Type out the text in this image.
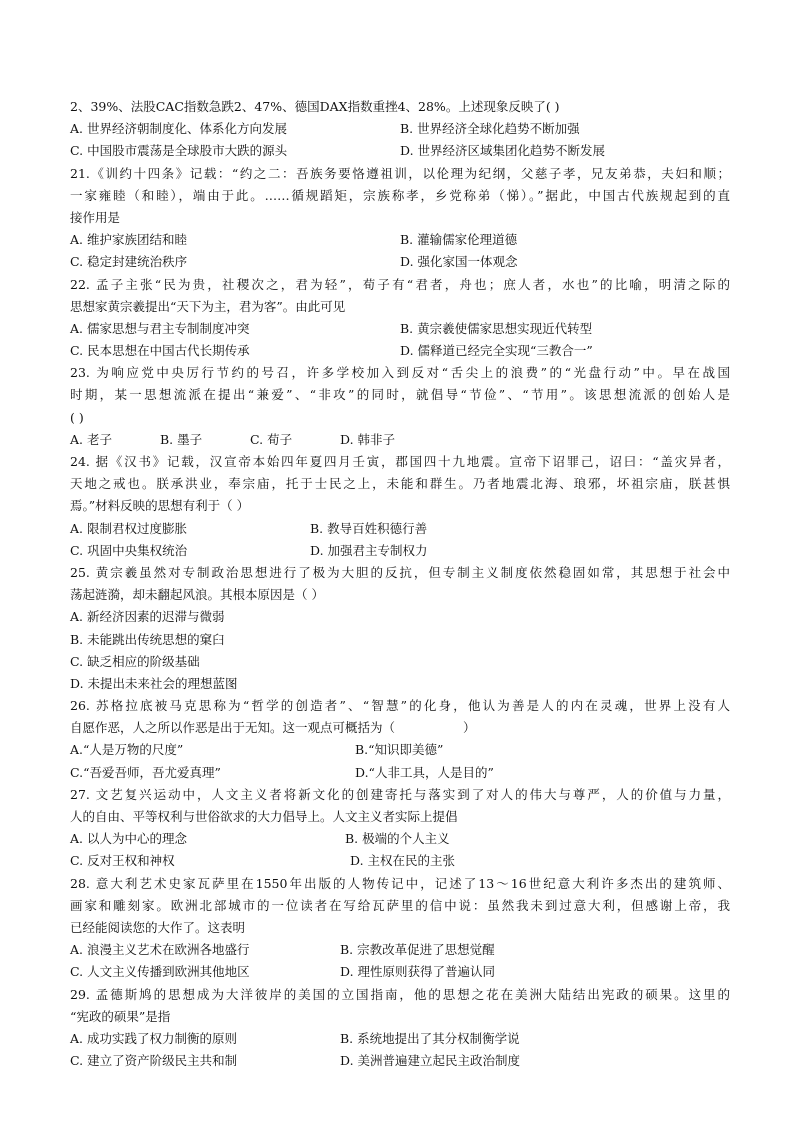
2、39%、法股CAC指数急跌2、47%、德国DAX指数重挫4、28%。上述现象反映了( )
A. 世界经济朝制度化、体系化方向发展	B. 世界经济全球化趋势不断加强
C. 中国股市震荡是全球股市大跌的源头	D. 世界经济区域集团化趋势不断发展
21.《训约十四条》记载：“约之二：吾族务要恪遵祖训，以伦理为纪纲，父慈子孝，兄友弟恭，夫妇和顺；
一家雍睦（和睦），端由于此。……循规蹈矩，宗族称孝，乡党称弟（悌）。”据此，中国古代族规起到的直
接作用是
A. 维护家族团结和睦	B. 灌输儒家伦理道德
C. 稳定封建统治秩序	D. 强化家国一体观念
22. 孟子主张“民为贵，社稷次之，君为轻”，荀子有“君者，舟也；庶人者，水也”的比喻，明清之际的
思想家黄宗羲提出“天下为主，君为客”。由此可见
A. 儒家思想与君主专制制度冲突	B. 黄宗羲使儒家思想实现近代转型
C. 民本思想在中国古代长期传承	D. 儒释道已经完全实现“三教合一”
23. 为响应党中央厉行节约的号召，许多学校加入到反对“舌尖上的浪费”的“光盘行动”中。早在战国
时期，某一思想流派在提出“兼爱”、“非攻”的同时，就倡导“节俭”、“节用”。该思想流派的创始人是
( )
A. 老子	B. 墨子	C. 荀子	D. 韩非子
24. 据《汉书》记载，汉宣帝本始四年夏四月壬寅，郡国四十九地震。宣帝下诏罪己，诏曰：“盖灾异者，
天地之戒也。朕承洪业，奉宗庙，托于士民之上，未能和群生。乃者地震北海、琅邪，坏祖宗庙，朕甚惧
焉。”材料反映的思想有利于（ ）
A. 限制君权过度膨胀	B. 教导百姓积德行善
C. 巩固中央集权统治	D. 加强君主专制权力
25. 黄宗羲虽然对专制政治思想进行了极为大胆的反抗，但专制主义制度依然稳固如常，其思想于社会中
荡起涟漪，却未翻起风浪。其根本原因是（ ）
A. 新经济因素的迟滞与微弱
B. 未能跳出传统思想的窠臼
C. 缺乏相应的阶级基础
D. 未提出未来社会的理想蓝图
26. 苏格拉底被马克思称为“哲学的创造者”、“智慧”的化身，他认为善是人的内在灵魂，世界上没有人
自愿作恶，人之所以作恶是出于无知。这一观点可概括为（	）
A.“人是万物的尺度”	B.“知识即美德”
C.“吾爱吾师，吾尤爱真理”	D.“人非工具，人是目的”
27. 文艺复兴运动中，人文主义者将新文化的创建寄托与落实到了对人的伟大与尊严，人的价值与力量，
人的自由、平等权利与世俗欲求的大力倡导上。人文主义者实际上提倡
A. 以人为中心的理念	B. 极端的个人主义
C. 反对王权和神权	D. 主权在民的主张
28. 意大利艺术史家瓦萨里在1550年出版的人物传记中，记述了13～16世纪意大利许多杰出的建筑师、
画家和雕刻家。欧洲北部城市的一位读者在写给瓦萨里的信中说：虽然我未到过意大利，但感谢上帝，我
已经能阅读您的大作了。这表明
A. 浪漫主义艺术在欧洲各地盛行	B. 宗教改革促进了思想觉醒
C. 人文主义传播到欧洲其他地区	D. 理性原则获得了普遍认同
29. 孟德斯鸠的思想成为大洋彼岸的美国的立国指南，他的思想之花在美洲大陆结出宪政的硕果。这里的
“宪政的硕果”是指
A. 成功实践了权力制衡的原则	B. 系统地提出了其分权制衡学说
C. 建立了资产阶级民主共和制	D. 美洲普遍建立起民主政治制度
